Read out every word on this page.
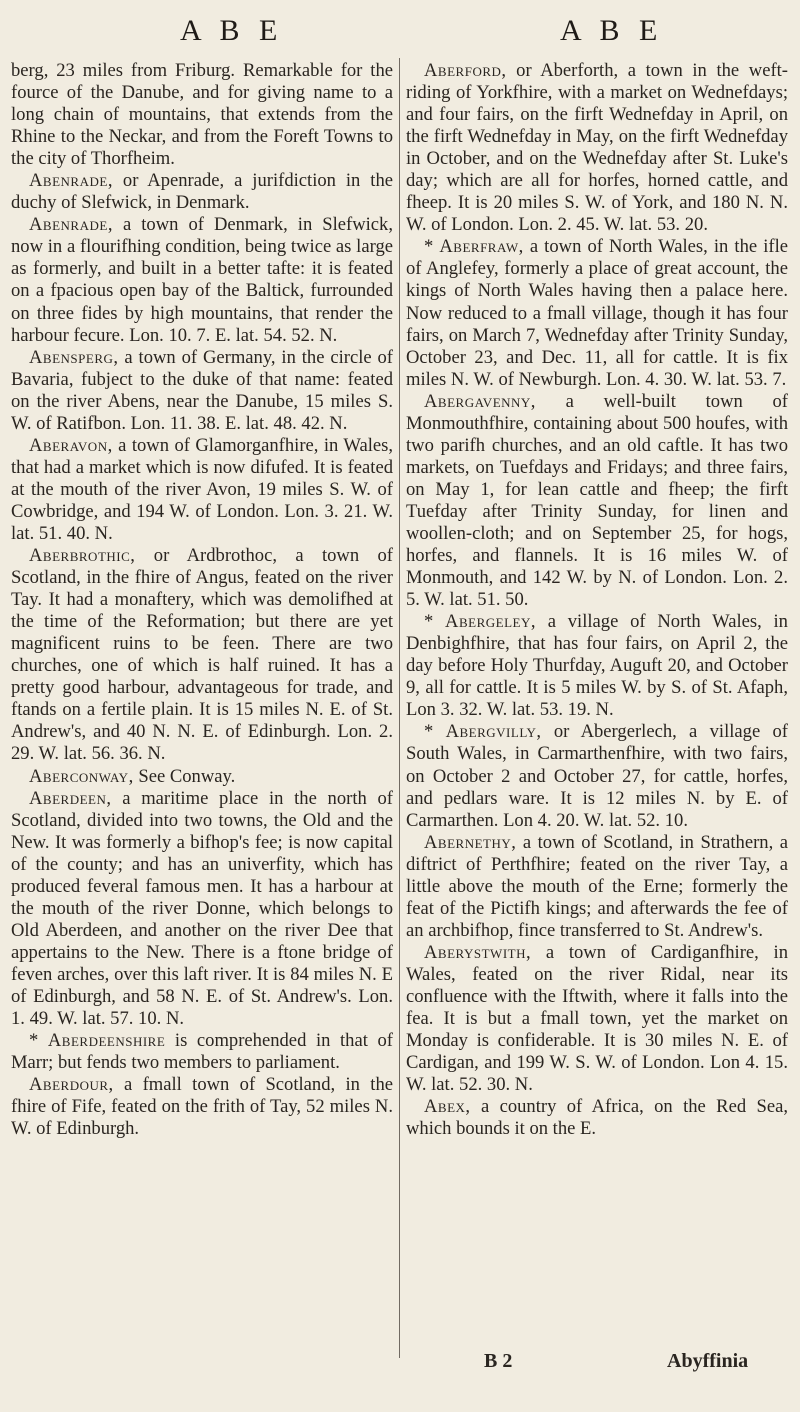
A B E	A B E

berg, 23 miles from Friburg. Remarkable for the fource of the Danube, and for giving name to a long chain of mountains, that extends from the Rhine to the Neckar, and from the Foreft Towns to the city of Thorfheim.

Abenrade, or Apenrade, a jurifdiction in the duchy of Slefwick, in Denmark.

Abenrade, a town of Denmark, in Slefwick, now in a flourifhing condition, being twice as large as formerly, and built in a better tafte: it is feated on a fpacious open bay of the Baltick, furrounded on three fides by high mountains, that render the harbour fecure. Lon. 10. 7. E. lat. 54. 52. N.

Abensperg, a town of Germany, in the circle of Bavaria, fubject to the duke of that name: feated on the river Abens, near the Danube, 15 miles S. W. of Ratifbon. Lon. 11. 38. E. lat. 48. 42. N.

Aberavon, a town of Glamorganfhire, in Wales, that had a market which is now difufed. It is feated at the mouth of the river Avon, 19 miles S. W. of Cowbridge, and 194 W. of London. Lon. 3. 21. W. lat. 51. 40. N.

Aberbrothic, or Ardbrothoc, a town of Scotland, in the fhire of Angus, feated on the river Tay. It had a monaftery, which was demolifhed at the time of the Reformation; but there are yet magnificent ruins to be feen. There are two churches, one of which is half ruined. It has a pretty good harbour, advantageous for trade, and ftands on a fertile plain. It is 15 miles N. E. of St. Andrew's, and 40 N. N. E. of Edinburgh. Lon. 2. 29. W. lat. 56. 36. N.

Aberconway, See Conway.

Aberdeen, a maritime place in the north of Scotland, divided into two towns, the Old and the New. It was formerly a bifhop's fee; is now capital of the county; and has an univerfity, which has produced feveral famous men. It has a harbour at the mouth of the river Donne, which belongs to Old Aberdeen, and another on the river Dee that appertains to the New. There is a ftone bridge of feven arches, over this laft river. It is 84 miles N. E of Edinburgh, and 58 N. E. of St. Andrew's. Lon. 1. 49. W. lat. 57. 10. N.

* Aberdeenshire is comprehended in that of Marr; but fends two members to parliament.

Aberdour, a fmall town of Scotland, in the fhire of Fife, feated on the frith of Tay, 52 miles N. W. of Edinburgh.

Aberford, or Aberforth, a town in the weft-riding of Yorkfhire, with a market on Wednefdays; and four fairs, on the firft Wednefday in April, on the firft Wednefday in May, on the firft Wednefday in October, and on the Wednefday after St. Luke's day; which are all for horfes, horned cattle, and fheep. It is 20 miles S. W. of York, and 180 N. N. W. of London. Lon. 2. 45. W. lat. 53. 20.

* Aberfraw, a town of North Wales, in the ifle of Anglefey, formerly a place of great account, the kings of North Wales having then a palace here. Now reduced to a fmall village, though it has four fairs, on March 7, Wednefday after Trinity Sunday, October 23, and Dec. 11, all for cattle. It is fix miles N. W. of Newburgh. Lon. 4. 30. W. lat. 53. 7.

Abergavenny, a well-built town of Monmouthfhire, containing about 500 houfes, with two parifh churches, and an old caftle. It has two markets, on Tuefdays and Fridays; and three fairs, on May 1, for lean cattle and fheep; the firft Tuefday after Trinity Sunday, for linen and woollen-cloth; and on September 25, for hogs, horfes, and flannels. It is 16 miles W. of Monmouth, and 142 W. by N. of London. Lon. 2. 5. W. lat. 51. 50.

* Abergeley, a village of North Wales, in Denbighfhire, that has four fairs, on April 2, the day before Holy Thurfday, Auguft 20, and October 9, all for cattle. It is 5 miles W. by S. of St. Afaph, Lon 3. 32. W. lat. 53. 19. N.

* Abergvilly, or Abergerlech, a village of South Wales, in Carmarthenfhire, with two fairs, on October 2 and October 27, for cattle, horfes, and pedlars ware. It is 12 miles N. by E. of Carmarthen. Lon 4. 20. W. lat. 52. 10.

Abernethy, a town of Scotland, in Strathern, a diftrict of Perthfhire; feated on the river Tay, a little above the mouth of the Erne; formerly the feat of the Pictifh kings; and afterwards the fee of an archbifhop, fince transferred to St. Andrew's.

Aberystwith, a town of Cardiganfhire, in Wales, feated on the river Ridal, near its confluence with the Iftwith, where it falls into the fea. It is but a fmall town, yet the market on Monday is confiderable. It is 30 miles N. E. of Cardigan, and 199 W. S. W. of London. Lon 4. 15. W. lat. 52. 30. N.

Abex, a country of Africa, on the Red Sea, which bounds it on the E.

B 2	Abyffinia
